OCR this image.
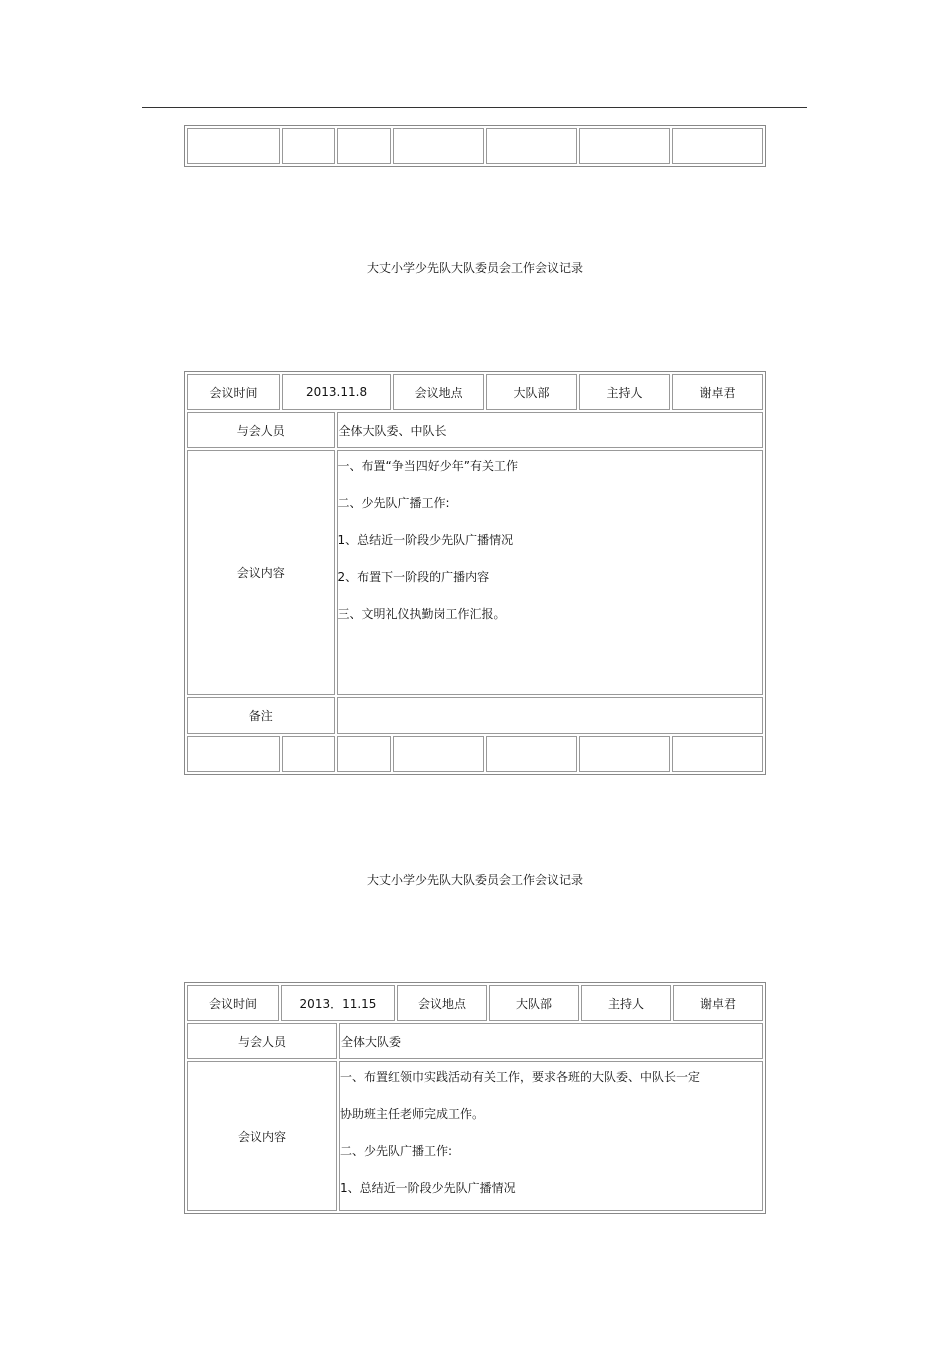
大丈小学少先队大队委员会工作会议记录
会议时间	2013.11.8		会议地点	大队部	主持人	谢卓君
与会人员		全体大队委、中队长				
会议内容		一、布置“争当四好少年”有关工作

二、少先队广播工作:

1、总结近一阶段少先队广播情况

2、布置下一阶段的广播内容

三、文明礼仪执勤岗工作汇报。				

备注						

大丈小学少先队大队委员会工作会议记录
会议时间	2013．11.15		会议地点	大队部	主持人	谢卓君
与会人员		全体大队委				
会议内容		一、布置红领巾实践活动有关工作，要求各班的大队委、中队长一定

协助班主任老师完成工作。

二、少先队广播工作:

1、总结近一阶段少先队广播情况				
